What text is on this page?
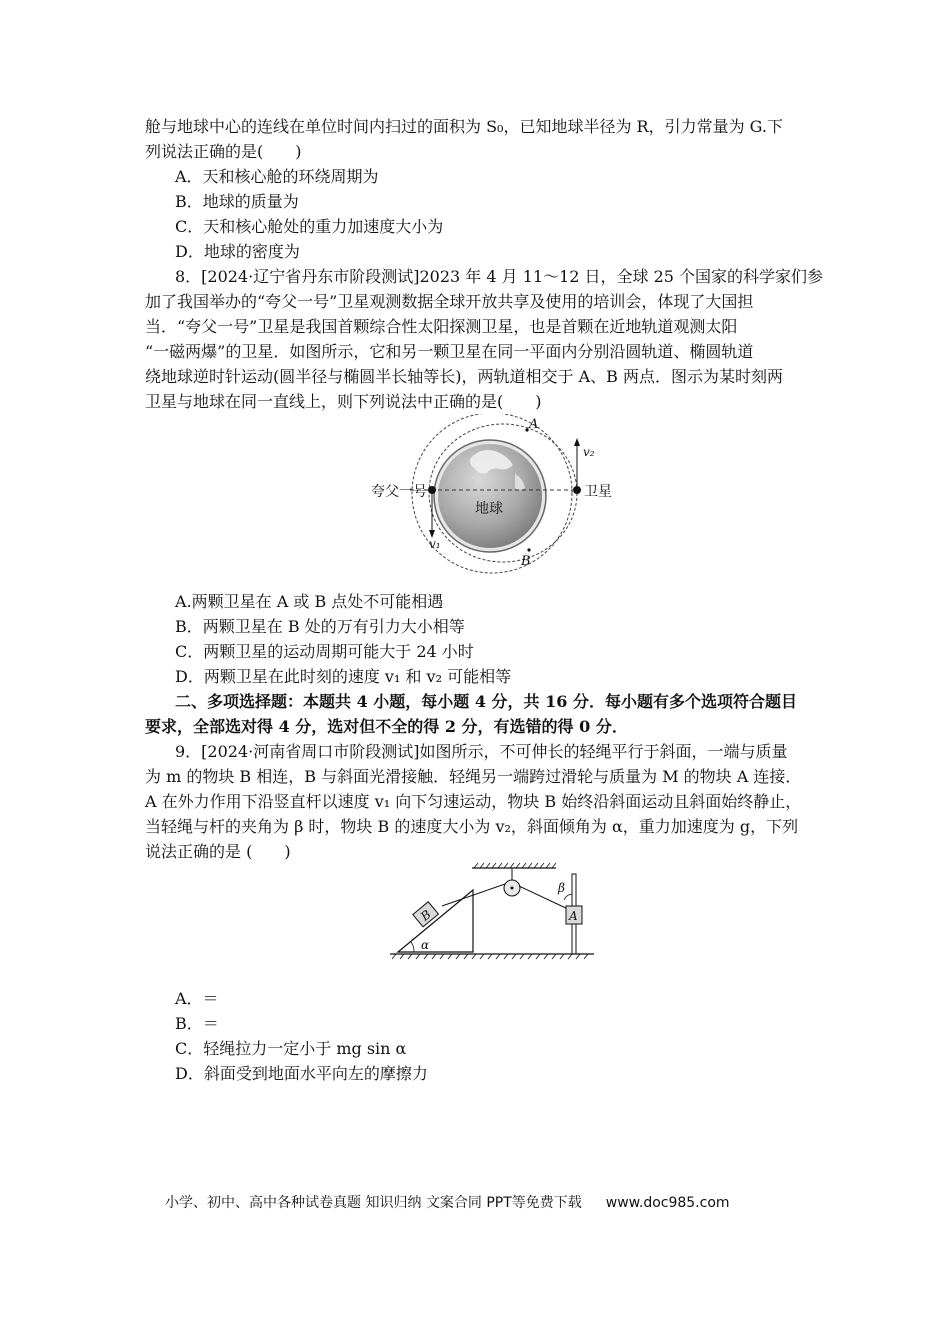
舱与地球中心的连线在单位时间内扫过的面积为 S₀，已知地球半径为 R，引力常量为 G.下
列说法正确的是(　　)
A．天和核心舱的环绕周期为
B．地球的质量为
C．天和核心舱处的重力加速度大小为
D．地球的密度为
8．[2024·辽宁省丹东市阶段测试]2023 年 4 月 11～12 日，全球 25 个国家的科学家们参
加了我国举办的“夸父一号”卫星观测数据全球开放共享及使用的培训会，体现了大国担
当．“夸父一号”卫星是我国首颗综合性太阳探测卫星，也是首颗在近地轨道观测太阳
“一磁两爆”的卫星．如图所示，它和另一颗卫星在同一平面内分别沿圆轨道、椭圆轨道
绕地球逆时针运动(圆半径与椭圆半长轴等长)，两轨道相交于 A、B 两点．图示为某时刻两
卫星与地球在同一直线上，则下列说法中正确的是(　　)
地球
夸父一号
v₁
卫星
v₂
A
B
A.两颗卫星在 A 或 B 点处不可能相遇
B．两颗卫星在 B 处的万有引力大小相等
C．两颗卫星的运动周期可能大于 24 小时
D．两颗卫星在此时刻的速度 v₁ 和 v₂ 可能相等
二、多项选择题：本题共 4 小题，每小题 4 分，共 16 分．每小题有多个选项符合题目
要求，全部选对得 4 分，选对但不全的得 2 分，有选错的得 0 分．
9．[2024·河南省周口市阶段测试]如图所示，不可伸长的轻绳平行于斜面，一端与质量
为 m 的物块 B 相连，B 与斜面光滑接触．轻绳另一端跨过滑轮与质量为 M 的物块 A 连接．
A 在外力作用下沿竖直杆以速度 v₁ 向下匀速运动，物块 B 始终沿斜面运动且斜面始终静止，
当轻绳与杆的夹角为 β 时，物块 B 的速度大小为 v₂，斜面倾角为 α，重力加速度为 g，下列
说法正确的是 (　　)
B	A
β
α
A．＝
B．＝
C．轻绳拉力一定小于 mg sin α
D．斜面受到地面水平向左的摩擦力
小学、初中、高中各种试卷真题 知识归纳 文案合同 PPT等免费下载 www.doc985.com
